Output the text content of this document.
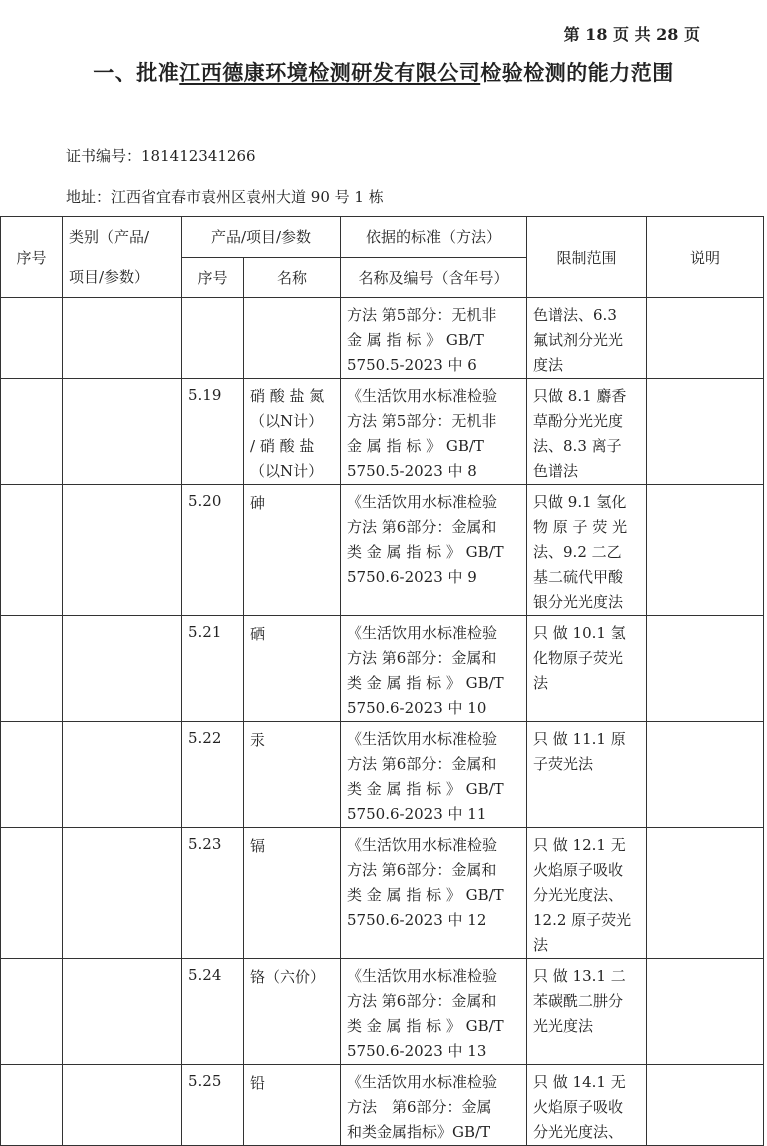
第 18 页 共 28 页
一、批准江西德康环境检测研发有限公司检验检测的能力范围
证书编号：181412341266
地址：江西省宜春市袁州区袁州大道 90 号 1 栋
序号	类别（产品/
项目/参数）	产品/项目/参数		依据的标准（方法）	限制范围	说明
		序号	名称	名称及编号（含年号）		

				方法 第5部分：无机非
金 属 指 标 》 GB/T
5750.5-2023 中 6	色谱法、6.3
氟试剂分光光
度法	

		5.19	硝 酸 盐 氮
（以N计）
/ 硝 酸 盐
（以N计）	《生活饮用水标准检验
方法 第5部分：无机非
金 属 指 标 》 GB/T
5750.5-2023 中 8	只做 8.1 麝香
草酚分光光度
法、8.3 离子
色谱法	

		5.20	砷	《生活饮用水标准检验
方法 第6部分：金属和
类 金 属 指 标 》 GB/T
5750.6-2023 中 9	只做 9.1 氢化
物 原 子 荧 光
法、9.2 二乙
基二硫代甲酸
银分光光度法	

		5.21	硒	《生活饮用水标准检验
方法 第6部分：金属和
类 金 属 指 标 》 GB/T
5750.6-2023 中 10	只 做 10.1 氢
化物原子荧光
法	

		5.22	汞	《生活饮用水标准检验
方法 第6部分：金属和
类 金 属 指 标 》 GB/T
5750.6-2023 中 11	只 做 11.1 原
子荧光法	

		5.23	镉	《生活饮用水标准检验
方法 第6部分：金属和
类 金 属 指 标 》 GB/T
5750.6-2023 中 12	只 做 12.1 无
火焰原子吸收
分光光度法、
12.2 原子荧光
法	

		5.24	铬（六价）	《生活饮用水标准检验
方法 第6部分：金属和
类 金 属 指 标 》 GB/T
5750.6-2023 中 13	只 做 13.1 二
苯碳酰二肼分
光光度法	

		5.25	铅	《生活饮用水标准检验
方法　第6部分：金属
和类金属指标》GB/T	只 做 14.1 无
火焰原子吸收
分光光度法、	
